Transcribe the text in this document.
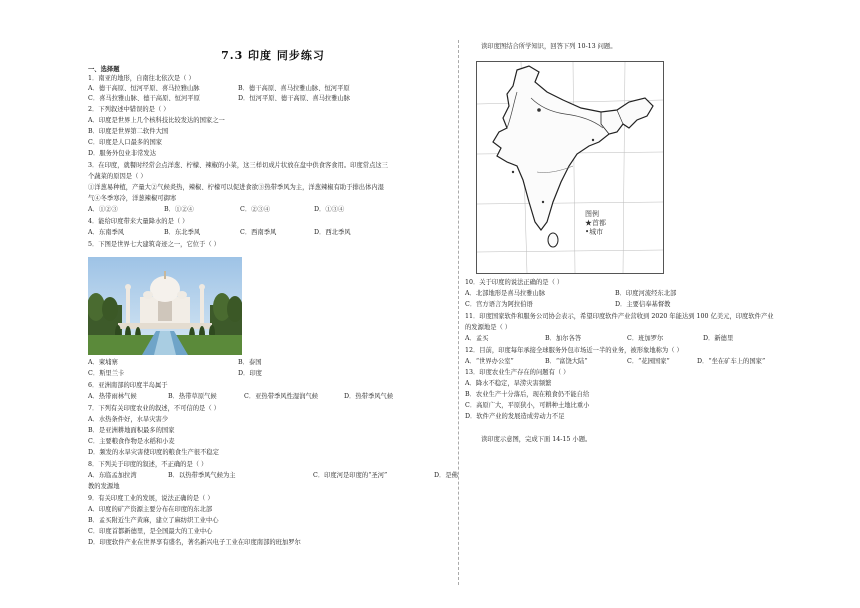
7.3 印度 同步练习
一、选择题
1．南亚的地形，自南往北依次是（ ）
A．德干高原、恒河平原、喜马拉雅山脉	B．德干高原、喜马拉雅山脉、恒河平原
C．喜马拉雅山脉、德干高原、恒河平原	D．恒河平原、德干高原、喜马拉雅山脉
2．下列叙述中错误的是（ ）
A．印度是世界上几个核科技比较发达的国家之一
B．印度是世界第二软件大国
C．印度是人口最多的国家
D．服务外包业非常发达
3．在印度，就餐时经常会点洋葱、柠檬、辣椒的小菜，这三样切成片状放在盘中供食客食用。印度常点这三
个蔬菜的原因是（ ）
①洋葱易种植，产量大②气候炎热，辣椒、柠檬可以促进食欲③热带季风为主，洋葱辣椒有助于排出体内湿
气④冬季寒冷，洋葱辣椒可御寒
A．①②③	B．①②④	C．②③④	D．①③④
4．能给印度带来大量降水的是（ ）
A．东南季风	B．东北季风	C．西南季风	D．西北季风
5．下图是世界七大建筑奇迹之一，它位于（ ）
A．柬埔寨	B．泰国
C．斯里兰卡	D．印度
6．亚洲南部的印度半岛属于
A．热带雨林气候	B．热带草原气候	C．亚热带季风性湿润气候	D．热带季风气候
7．下列有关印度农业的叙述，不可信的是（ ）
A．水热条件好，水旱灾害少
B．是亚洲耕地面积最多的国家
C．主要粮食作物是水稻和小麦
D．频发的水旱灾害使印度的粮食生产很不稳定
8．下列关于印度的叙述，不正确的是（ ）
A．东临孟加拉湾	B．以热带季风气候为主	C．印度河是印度的“圣河”	D．是佛
教的发源地
9．有关印度工业的发展，说法正确的是（ ）
A．印度的矿产资源主要分布在印度的东北部
B．孟买附近生产黄麻，建立了麻纺织工业中心
C．印度首都新德里，是全国最大的工业中心
D．印度软件产业在世界享有盛名，著名新兴电子工业在印度南部的班加罗尔
读印度图结合所学知识，回答下列 10-13 问题。
图例
★首都
•城市
10．关于印度的说法正确的是（ ）
A．北部地形是喜马拉雅山脉	B．印度河流经东北部
C．官方语言为阿拉伯语	D．主要信奉基督教
11．印度国家软件和服务公司协会表示，希望印度软件产业营收到 2020 年能达到 100 亿美元，印度软件产业
的发源地是（ ）
A．孟买	B．加尔各答	C．班加罗尔	D．新德里
12．目前，印度每年承接全球服务外包市场近一半的业务，被形象地称为（ ）
A．“世界办公室”	B．“富饶大陆”	C．“花园国家”	D．“坐在矿车上的国家”
13．印度农业生产存在的问题有（ ）
A．降水不稳定，旱涝灾害频繁
B．农业生产十分落后，现在粮食仍不能自给
C．高原广大，平原狭小，可耕种土地比重小
D．软件产业的发展造成劳动力不足
读印度示意图，完成下面 14-15 小题。
